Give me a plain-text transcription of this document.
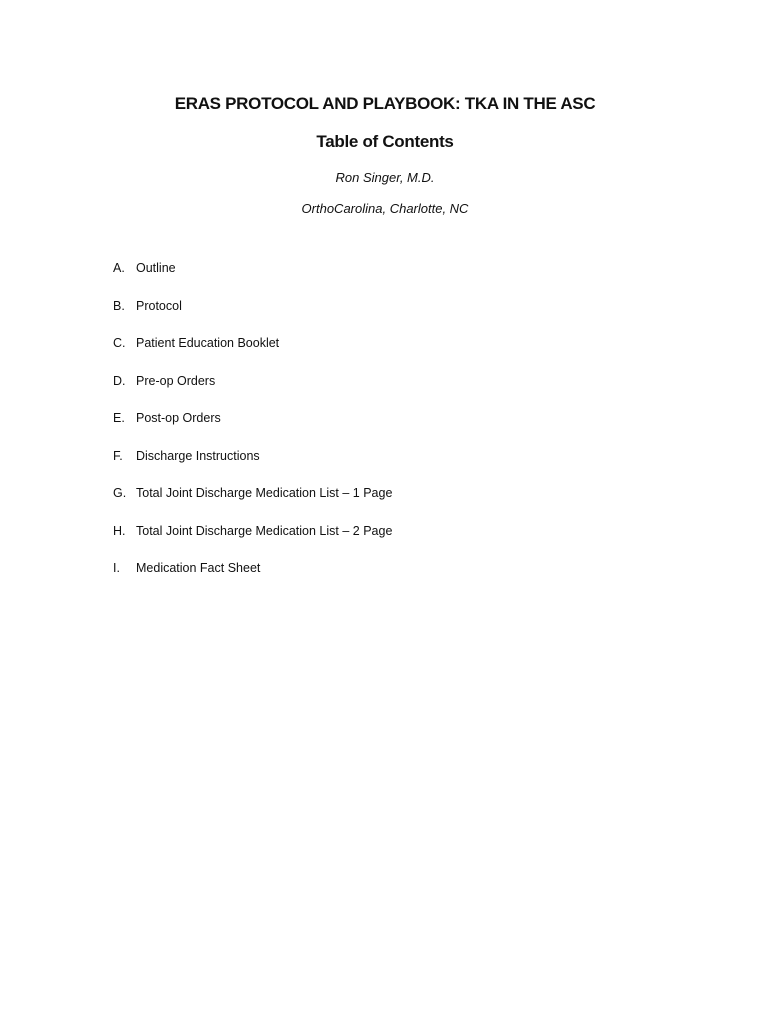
ERAS PROTOCOL AND PLAYBOOK: TKA IN THE ASC
Table of Contents
Ron Singer, M.D.
OrthoCarolina, Charlotte, NC
A. Outline
B. Protocol
C. Patient Education Booklet
D. Pre-op Orders
E. Post-op Orders
F.	Discharge Instructions
G. Total Joint Discharge Medication List – 1 Page
H. Total Joint Discharge Medication List – 2 Page
I.	Medication Fact Sheet
